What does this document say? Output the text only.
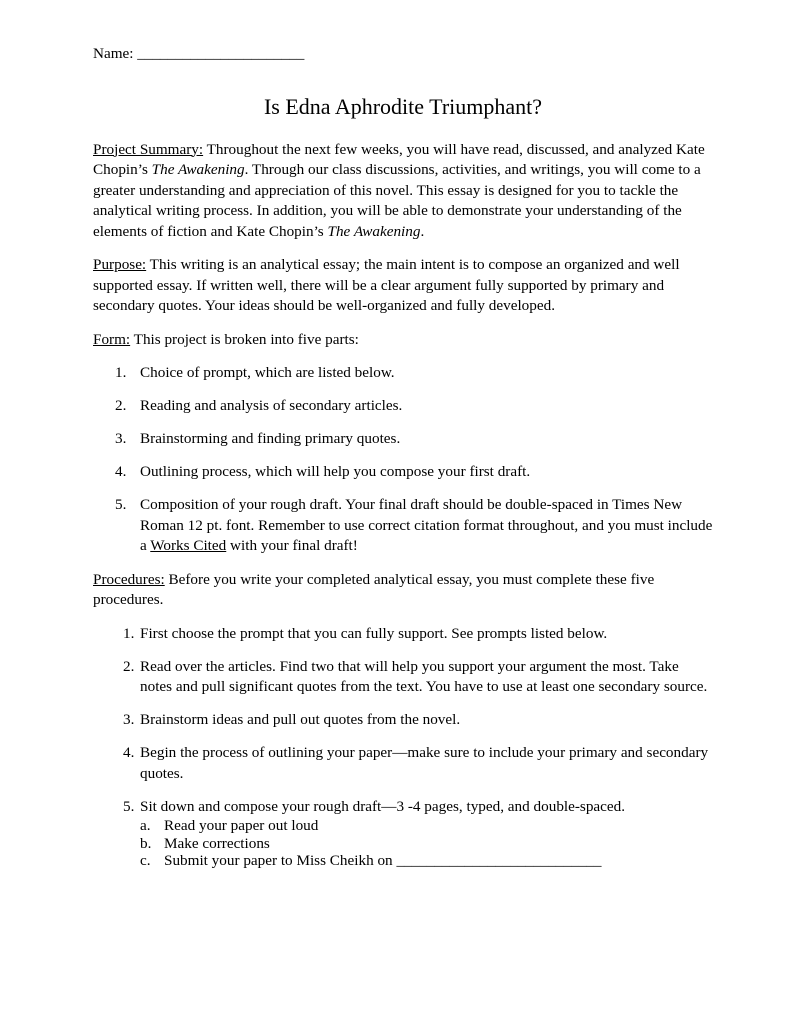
Name: ______________________

Is Edna Aphrodite Triumphant?

Project Summary: Throughout the next few weeks, you will have read, discussed, and analyzed Kate Chopin’s The Awakening. Through our class discussions, activities, and writings, you will come to a greater understanding and appreciation of this novel. This essay is designed for you to tackle the analytical writing process. In addition, you will be able to demonstrate your understanding of the elements of fiction and Kate Chopin’s The Awakening.

Purpose: This writing is an analytical essay; the main intent is to compose an organized and well supported essay. If written well, there will be a clear argument fully supported by primary and secondary quotes. Your ideas should be well-organized and fully developed.

Form: This project is broken into five parts:

1. Choice of prompt, which are listed below.
2. Reading and analysis of secondary articles.
3. Brainstorming and finding primary quotes.
4. Outlining process, which will help you compose your first draft.
5. Composition of your rough draft. Your final draft should be double-spaced in Times New Roman 12 pt. font. Remember to use correct citation format throughout, and you must include a Works Cited with your final draft!

Procedures: Before you write your completed analytical essay, you must complete these five procedures.

1. First choose the prompt that you can fully support. See prompts listed below.
2. Read over the articles. Find two that will help you support your argument the most. Take notes and pull significant quotes from the text. You have to use at least one secondary source.
3. Brainstorm ideas and pull out quotes from the novel.
4. Begin the process of outlining your paper—make sure to include your primary and secondary quotes.
5. Sit down and compose your rough draft—3 -4 pages, typed, and double-spaced.
a. Read your paper out loud
b. Make corrections
c. Submit your paper to Miss Cheikh on ___________________________
